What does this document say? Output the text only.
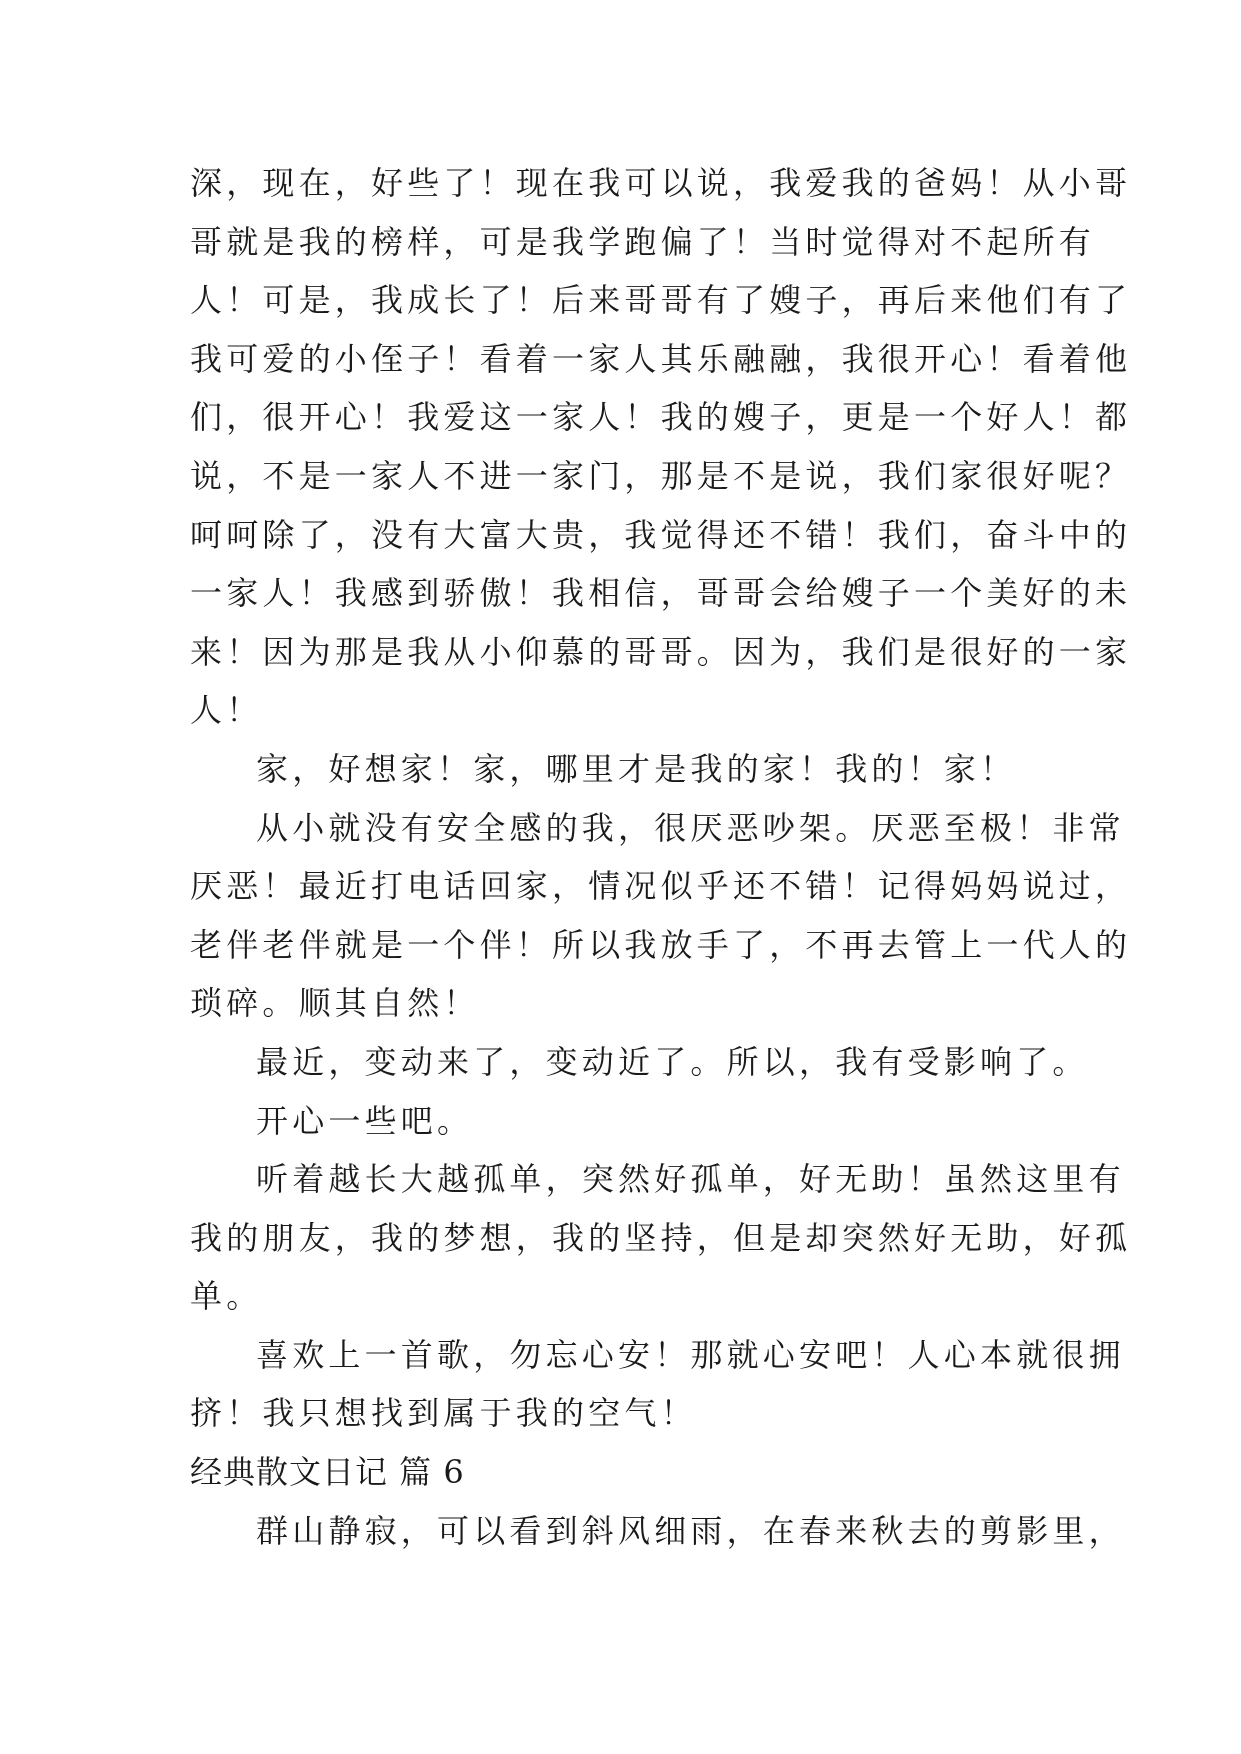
深，现在，好些了！现在我可以说，我爱我的爸妈！从小哥
哥就是我的榜样，可是我学跑偏了！当时觉得对不起所有
人！可是，我成长了！后来哥哥有了嫂子，再后来他们有了
我可爱的小侄子！看着一家人其乐融融，我很开心！看着他
们，很开心！我爱这一家人！我的嫂子，更是一个好人！都
说，不是一家人不进一家门，那是不是说，我们家很好呢？
呵呵除了，没有大富大贵，我觉得还不错！我们，奋斗中的
一家人！我感到骄傲！我相信，哥哥会给嫂子一个美好的未
来！因为那是我从小仰慕的哥哥。因为，我们是很好的一家
人！
家，好想家！家，哪里才是我的家！我的！家！
从小就没有安全感的我，很厌恶吵架。厌恶至极！非常
厌恶！最近打电话回家，情况似乎还不错！记得妈妈说过，
老伴老伴就是一个伴！所以我放手了，不再去管上一代人的
琐碎。顺其自然！
最近，变动来了，变动近了。所以，我有受影响了。
开心一些吧。
听着越长大越孤单，突然好孤单，好无助！虽然这里有
我的朋友，我的梦想，我的坚持，但是却突然好无助，好孤
单。
喜欢上一首歌，勿忘心安！那就心安吧！人心本就很拥
挤！我只想找到属于我的空气！
经典散文日记 篇 6
群山静寂，可以看到斜风细雨，在春来秋去的剪影里，
